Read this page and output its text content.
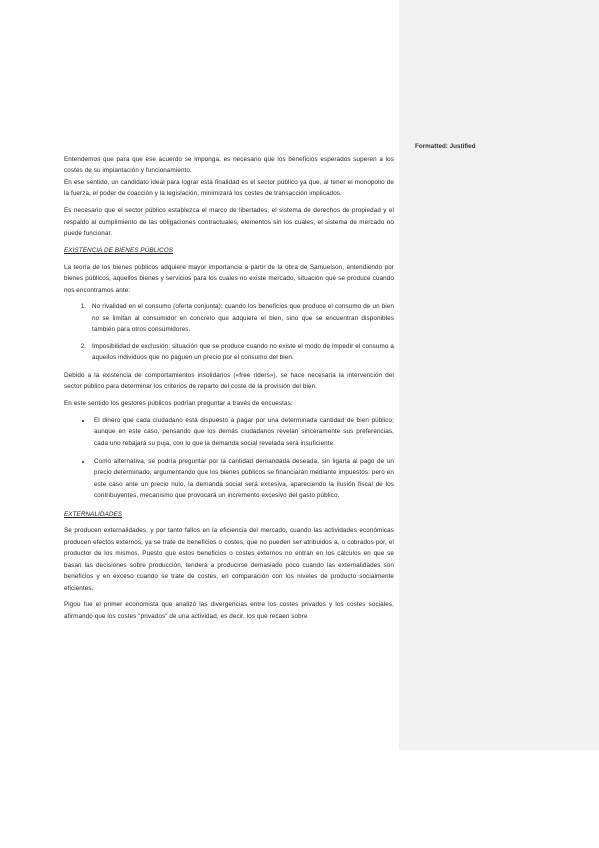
Entendemos que para que ese acuerdo se imponga, es necesario que los beneficios esperados superen a los costes de su implantación y funcionamiento.

En ese sentido, un candidato ideal para lograr esta finalidad es el sector público ya que, al tener el monopolio de la fuerza, el poder de coacción y la legislación, minimizará los costes de transacción implicados.

Es necesario que el sector público establezca el marco de libertades, el sistema de derechos de propiedad y el respaldo al cumplimiento de las obligaciones contractuales, elementos sin los cuales, el sistema de mercado no puede funcionar.

EXISTENCIA DE BIENES PÚBLICOS

La teoría de los bienes públicos adquiere mayor importancia a partir de la obra de Samuelson, entendiendo por bienes públicos, aquellos bienes y servicios para los cuales no existe mercado, situación que se produce cuando nos encontramos ante:

1. No rivalidad en el consumo (oferta conjunta): cuando los beneficios que produce el consumo de un bien no se limitan al consumidor en concreto que adquiere el bien, sino que se encuentran disponibles también para otros consumidores.
2. Imposibilidad de exclusión: situación que se produce cuando no existe el modo de impedir el consumo a aquellos individuos que no paguen un precio por el consumo del bien.

Debido a la existencia de comportamientos insolidarios («free riders»), se hace necesaria la intervención del sector público para determinar los criterios de reparto del coste de la provisión del bien.

En este sentido los gestores públicos podrían preguntar a través de encuestas:

• El dinero que cada ciudadano está dispuesto a pagar por una determinada cantidad de bien público; aunque en este caso, pensando que los demás ciudadanos revelan sinceramente sus preferencias, cada uno rebajará su puja, con lo que la demanda social revelada será insuficiente.
• Como alternativa, se podría preguntar por la cantidad demandada deseada, sin ligarla al pago de un precio determinado, argumentando que los bienes públicos se financiarán mediante impuestos: pero en este caso ante un precio nulo, la demanda social será excesiva, apareciendo la ilusión fiscal de los contribuyentes, mecanismo que provocará un incremento excesivo del gasto público.

EXTERNALIDADES

Se producen externalidades, y por tanto fallos en la eficiencia del mercado, cuando las actividades económicas producen efectos externos, ya se trate de beneficios o costes, que no pueden ser atribuidos a, o cobrados por, el productor de los mismos. Puesto que estos beneficios o costes externos no entran en los cálculos en que se basan las decisiones sobre producción, tenderá a producirse demasiado poco cuando las externalidades son beneficios y en exceso cuando se trate de costes, en comparación con los niveles de producto socialmente eficientes.

Pigou fue el primer economista que analizó las divergencias entre los costes privados y los costes sociales, afirmando que los costes "privados" de una actividad, es decir, los que recaen sobre

Formatted: Justified
